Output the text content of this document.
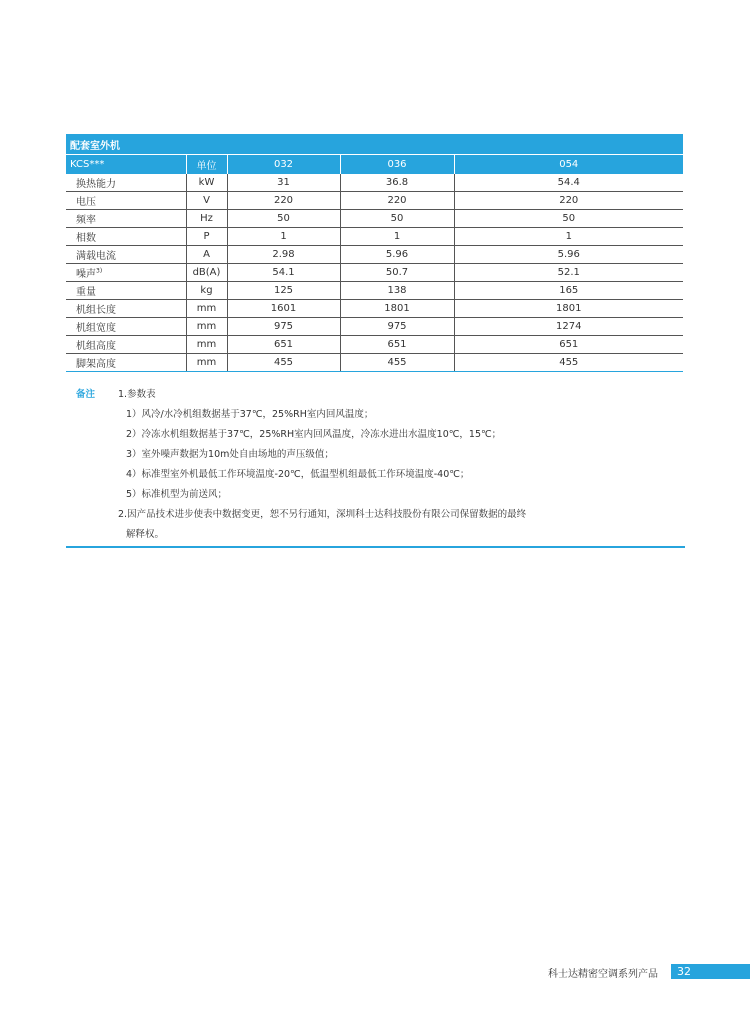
配套室外机				
KCS***	单位	032	036	054
换热能力	kW	31	36.8	54.4
电压	V	220	220	220
频率	Hz	50	50	50
相数	P	1	1	1
满载电流	A	2.98	5.96	5.96
噪声$^{3)}$	dB(A)	54.1	50.7	52.1
重量	kg	125	138	165
机组长度	mm	1601	1801	1801
机组宽度	mm	975	975	1274
机组高度	mm	651	651	651
脚架高度	mm	455	455	455
备注 1.参数表
1）风冷/水冷机组数据基于37℃，25%RH室内回风温度；
2）冷冻水机组数据基于37℃，25%RH室内回风温度，冷冻水进出水温度10℃，15℃；
3）室外噪声数据为10m处自由场地的声压级值；
4）标准型室外机最低工作环境温度-20℃，低温型机组最低工作环境温度-40℃；
5）标准机型为前送风；
2.因产品技术进步使表中数据变更，恕不另行通知，深圳科士达科技股份有限公司保留数据的最终
解释权。
科士达精密空调系列产品	32
